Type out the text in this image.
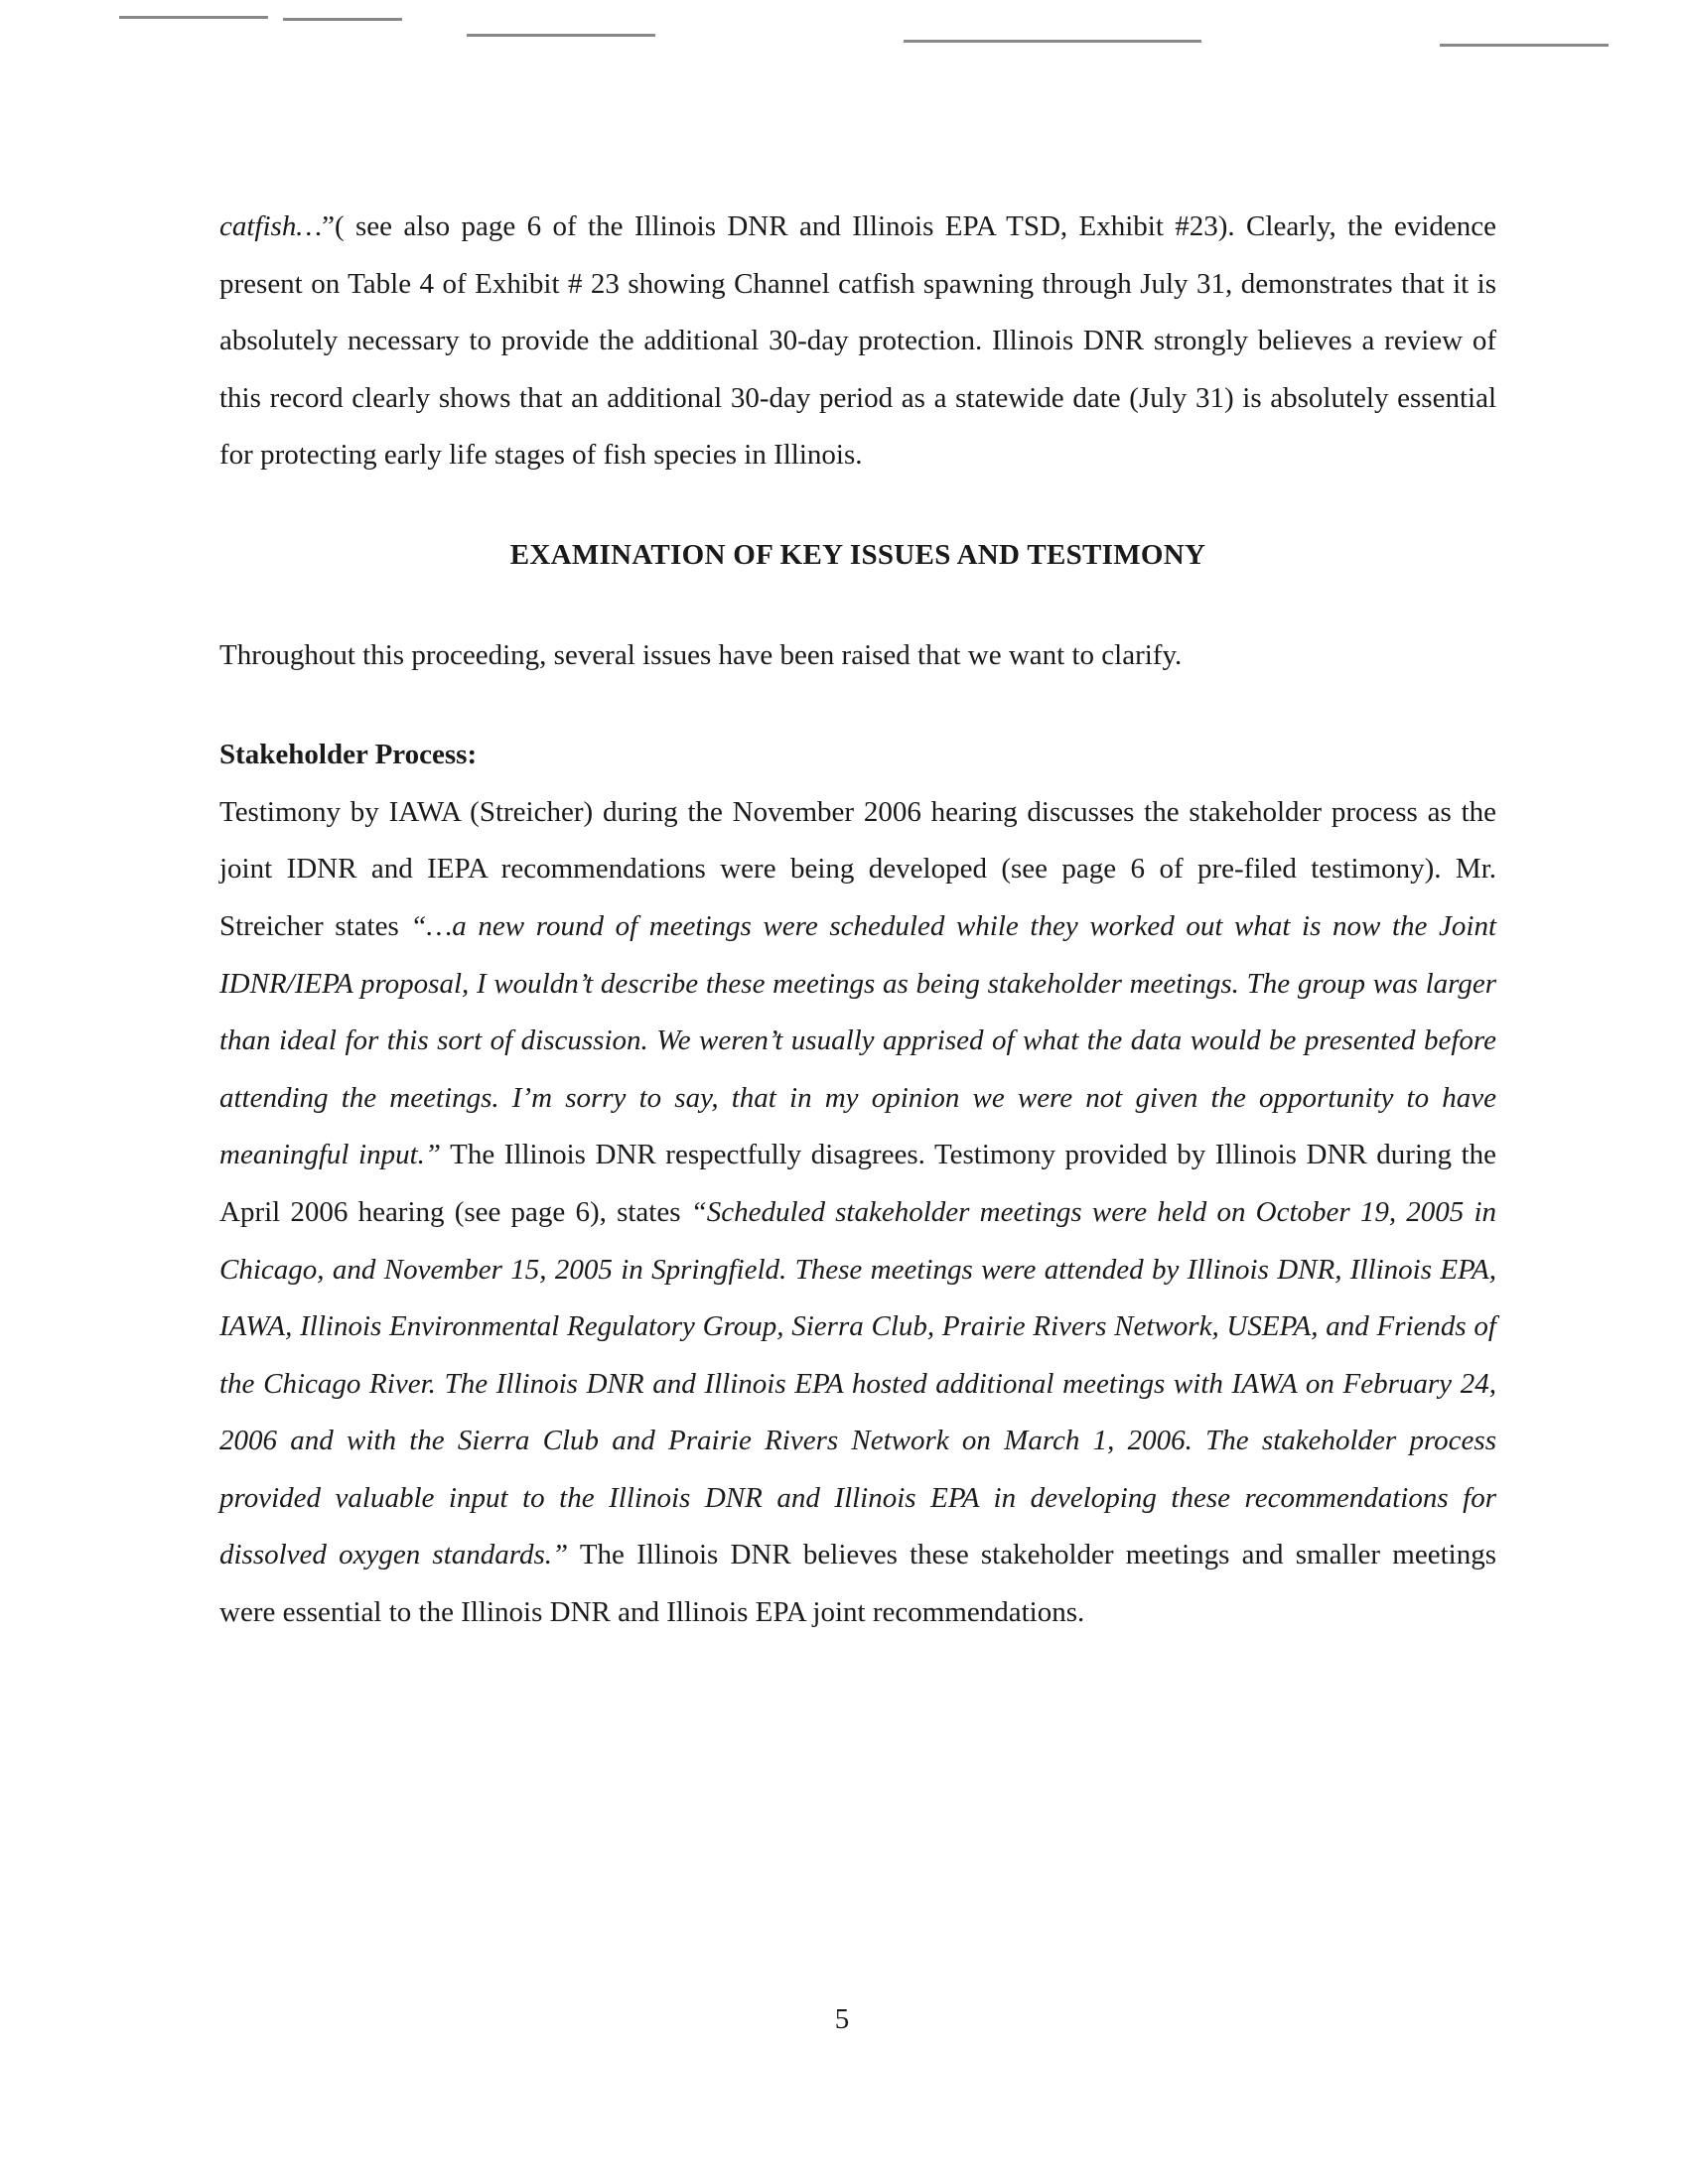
catfish…”( see also page 6 of the Illinois DNR and Illinois EPA TSD, Exhibit #23). Clearly, the evidence present on Table 4 of Exhibit # 23 showing Channel catfish spawning through July 31, demonstrates that it is absolutely necessary to provide the additional 30-day protection. Illinois DNR strongly believes a review of this record clearly shows that an additional 30-day period as a statewide date (July 31) is absolutely essential for protecting early life stages of fish species in Illinois.

EXAMINATION OF KEY ISSUES AND TESTIMONY

Throughout this proceeding, several issues have been raised that we want to clarify.

Stakeholder Process:

Testimony by IAWA (Streicher) during the November 2006 hearing discusses the stakeholder process as the joint IDNR and IEPA recommendations were being developed (see page 6 of pre-filed testimony). Mr. Streicher states “…a new round of meetings were scheduled while they worked out what is now the Joint IDNR/IEPA proposal, I wouldn’t describe these meetings as being stakeholder meetings. The group was larger than ideal for this sort of discussion. We weren’t usually apprised of what the data would be presented before attending the meetings. I’m sorry to say, that in my opinion we were not given the opportunity to have meaningful input.” The Illinois DNR respectfully disagrees. Testimony provided by Illinois DNR during the April 2006 hearing (see page 6), states “Scheduled stakeholder meetings were held on October 19, 2005 in Chicago, and November 15, 2005 in Springfield. These meetings were attended by Illinois DNR, Illinois EPA, IAWA, Illinois Environmental Regulatory Group, Sierra Club, Prairie Rivers Network, USEPA, and Friends of the Chicago River. The Illinois DNR and Illinois EPA hosted additional meetings with IAWA on February 24, 2006 and with the Sierra Club and Prairie Rivers Network on March 1, 2006. The stakeholder process provided valuable input to the Illinois DNR and Illinois EPA in developing these recommendations for dissolved oxygen standards.” The Illinois DNR believes these stakeholder meetings and smaller meetings were essential to the Illinois DNR and Illinois EPA joint recommendations.

5
